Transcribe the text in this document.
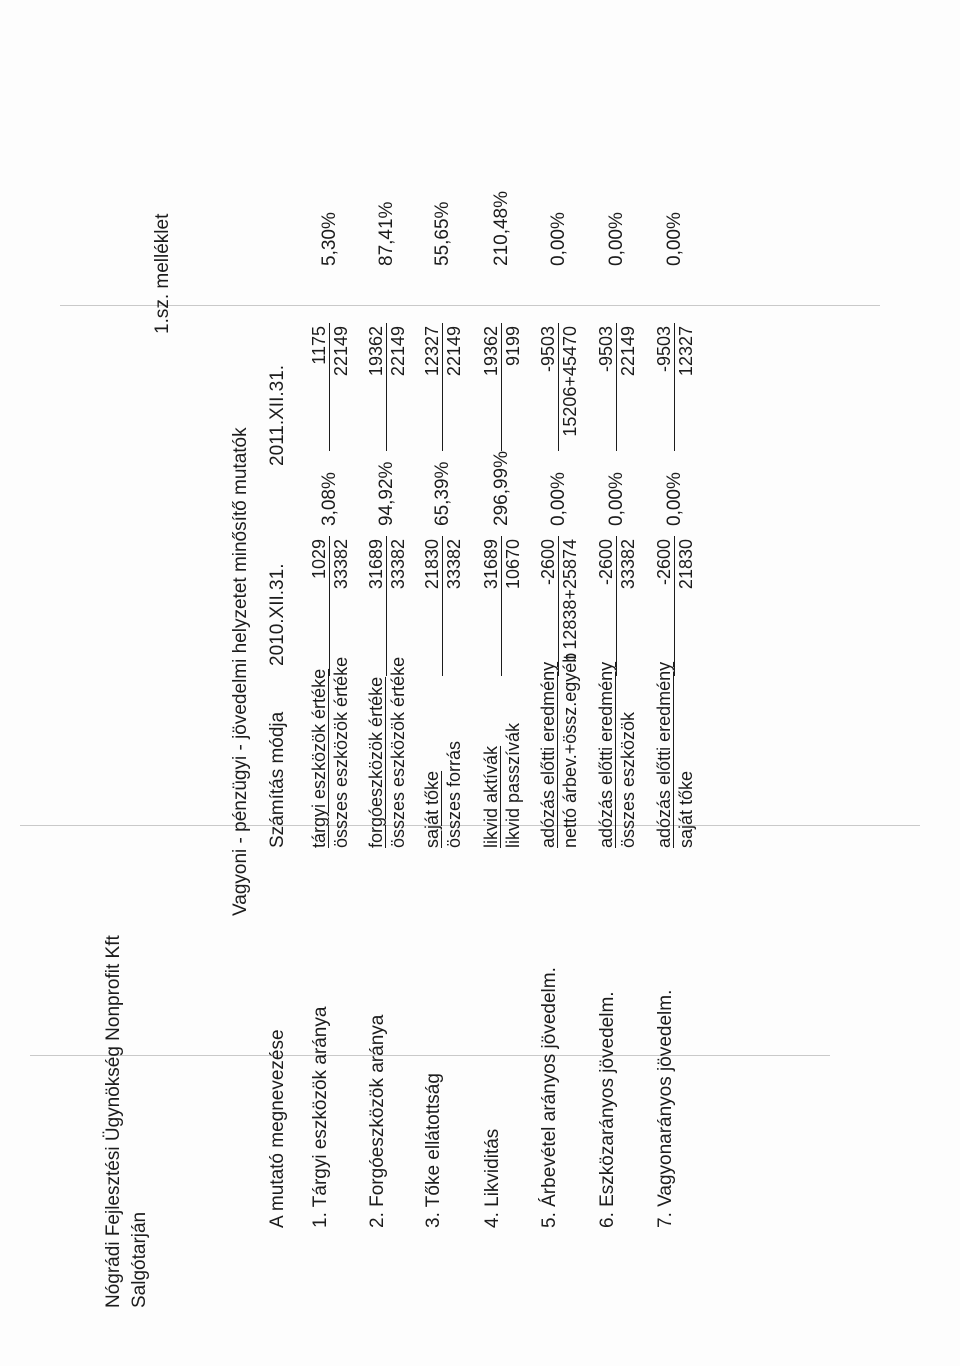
Nógrádi Fejlesztési Ügynökség Nonprofit Kft Salgótarján
1.sz. melléklet
Vagyoni - pénzügyi - jövedelmi helyzetet minősítő mutatók
A mutató megnevezése
Számítás módja
2010.XII.31.
2011.XII.31.
1. Tárgyi eszközök aránya
tárgyi eszközök értéke összes eszközök értéke
1029 33382
3,08%
1175 22149
5,30%
2. Forgóeszközök aránya
forgóeszközök értéke összes eszközök értéke
31689 33382
94,92%
19362 22149
87,41%
3. Tőke ellátottság
saját tőke összes forrás
21830 33382
65,39%
12327 22149
55,65%
4. Likviditás
likvid aktívák likvid passzívák
31689 10670
296,99%
19362 9199
210,48%
5. Árbevétel arányos jövedelm.
adózás előtti eredmény nettó árbev.+össz.egyéb
-2600 t 12838+25874
0,00%
-9503 15206+45470
0,00%
6. Eszközarányos jövedelm.
adózás előtti eredmény összes eszközök
-2600 33382
0,00%
-9503 22149
0,00%
7. Vagyonarányos jövedelm.
adózás előtti eredmény saját tőke
-2600 21830
0,00%
-9503 12327
0,00%
